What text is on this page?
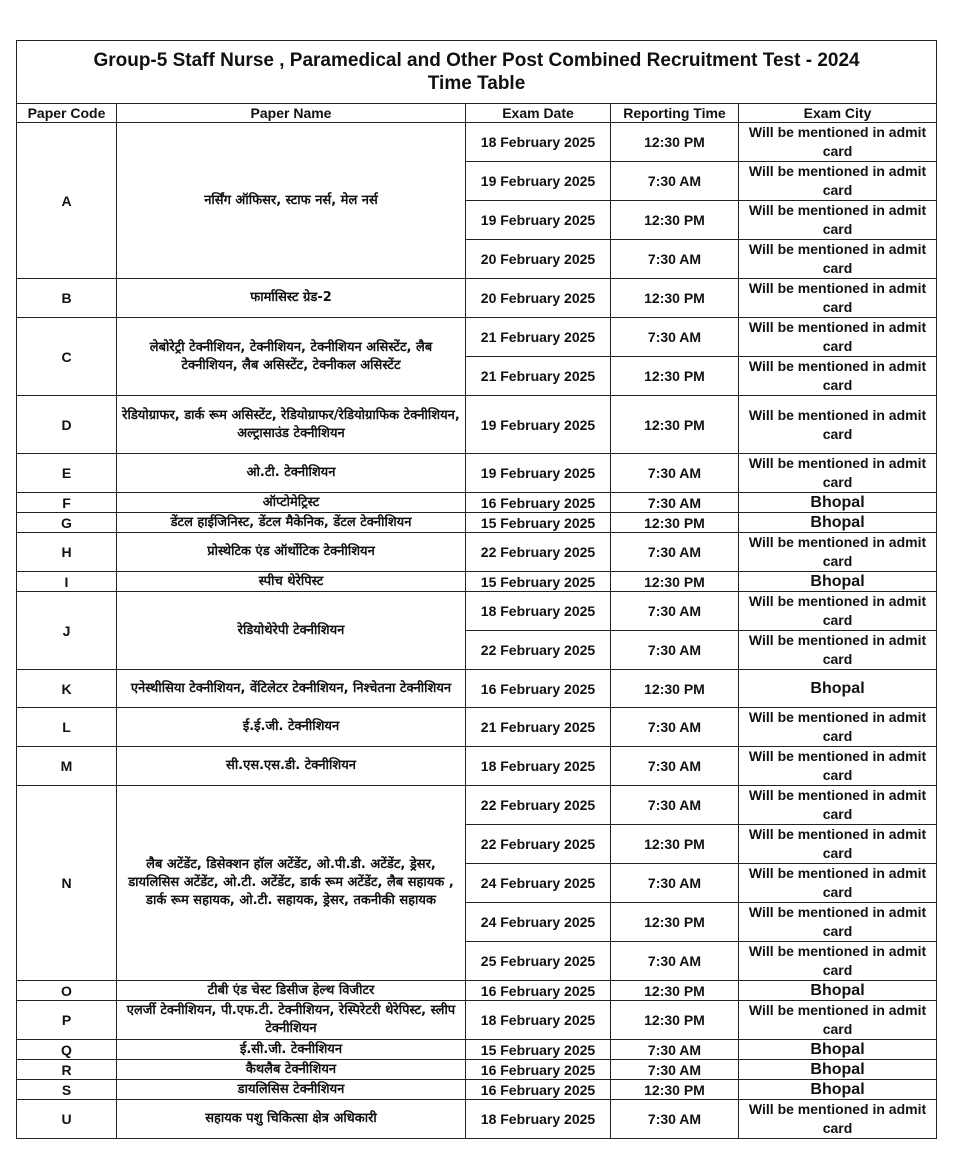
Group-5 Staff Nurse , Paramedical and Other Post Combined Recruitment Test - 2024
Time Table				

Paper Code	Paper Name	Exam Date	Reporting Time	Exam City
A	नर्सिंग ऑफिसर, स्टाफ नर्स, मेल नर्स	18 February 2025	12:30 PM	Will be mentioned in admit card
		19 February 2025	7:30 AM	Will be mentioned in admit card
		19 February 2025	12:30 PM	Will be mentioned in admit card
		20 February 2025	7:30 AM	Will be mentioned in admit card
B	फार्मासिस्ट ग्रेड-2	20 February 2025	12:30 PM	Will be mentioned in admit card
C	लेबोरेट्री टेक्नीशियन, टेक्नीशियन, टेक्नीशियन असिस्टेंट, लैब टेक्नीशियन, लैब असिस्टेंट, टेक्नीकल असिस्टेंट	21 February 2025	7:30 AM	Will be mentioned in admit card
		21 February 2025	12:30 PM	Will be mentioned in admit card
D	रेडियोग्राफर, डार्क रूम असिस्टेंट, रेडियोग्राफर/रेडियोग्राफिक टेक्नीशियन, अल्ट्रासाउंड टेक्नीशियन	19 February 2025	12:30 PM	Will be mentioned in admit card
E	ओ.टी. टेक्नीशियन	19 February 2025	7:30 AM	Will be mentioned in admit card
F	ऑप्टोमेट्रिस्ट	16 February 2025	7:30 AM	Bhopal
G	डेंटल हाईजिनिस्ट, डेंटल मैकेनिक, डेंटल टेक्नीशियन	15 February 2025	12:30 PM	Bhopal
H	प्रोस्थेटिक एंड ऑर्थोटिक टेक्नीशियन	22 February 2025	7:30 AM	Will be mentioned in admit card
I	स्पीच थेरेपिस्ट	15 February 2025	12:30 PM	Bhopal
J	रेडियोथेरेपी टेक्नीशियन	18 February 2025	7:30 AM	Will be mentioned in admit card
		22 February 2025	7:30 AM	Will be mentioned in admit card
K	एनेस्थीसिया टेक्नीशियन, वेंटिलेटर टेक्नीशियन, निश्चेतना टेक्नीशियन	16 February 2025	12:30 PM	Bhopal
L	ई.ई.जी. टेक्नीशियन	21 February 2025	7:30 AM	Will be mentioned in admit card
M	सी.एस.एस.डी. टेक्नीशियन	18 February 2025	7:30 AM	Will be mentioned in admit card
N	लैब अटेंडेंट, डिसेक्शन हॉल अटेंडेंट, ओ.पी.डी. अटेंडेंट, ड्रेसर, डायलिसिस अटेंडेंट, ओ.टी. अटेंडेंट, डार्क रूम अटेंडेंट, लैब सहायक , डार्क रूम सहायक, ओ.टी. सहायक, ड्रेसर, तकनीकी सहायक	22 February 2025	7:30 AM	Will be mentioned in admit card
		22 February 2025	12:30 PM	Will be mentioned in admit card
		24 February 2025	7:30 AM	Will be mentioned in admit card
		24 February 2025	12:30 PM	Will be mentioned in admit card
		25 February 2025	7:30 AM	Will be mentioned in admit card
O	टीबी एंड चेस्ट डिसीज हेल्थ विजीटर	16 February 2025	12:30 PM	Bhopal
P	एलर्जी टेक्नीशियन, पी.एफ.टी. टेक्नीशियन, रेस्पिरेटरी थेरेपिस्ट, स्लीप टेक्नीशियन	18 February 2025	12:30 PM	Will be mentioned in admit card
Q	ई.सी.जी. टेक्नीशियन	15 February 2025	7:30 AM	Bhopal
R	कैथलैब टेक्नीशियन	16 February 2025	7:30 AM	Bhopal
S	डायलिसिस टेक्नीशियन	16 February 2025	12:30 PM	Bhopal
U	सहायक पशु चिकित्सा क्षेत्र अधिकारी	18 February 2025	7:30 AM	Will be mentioned in admit card
